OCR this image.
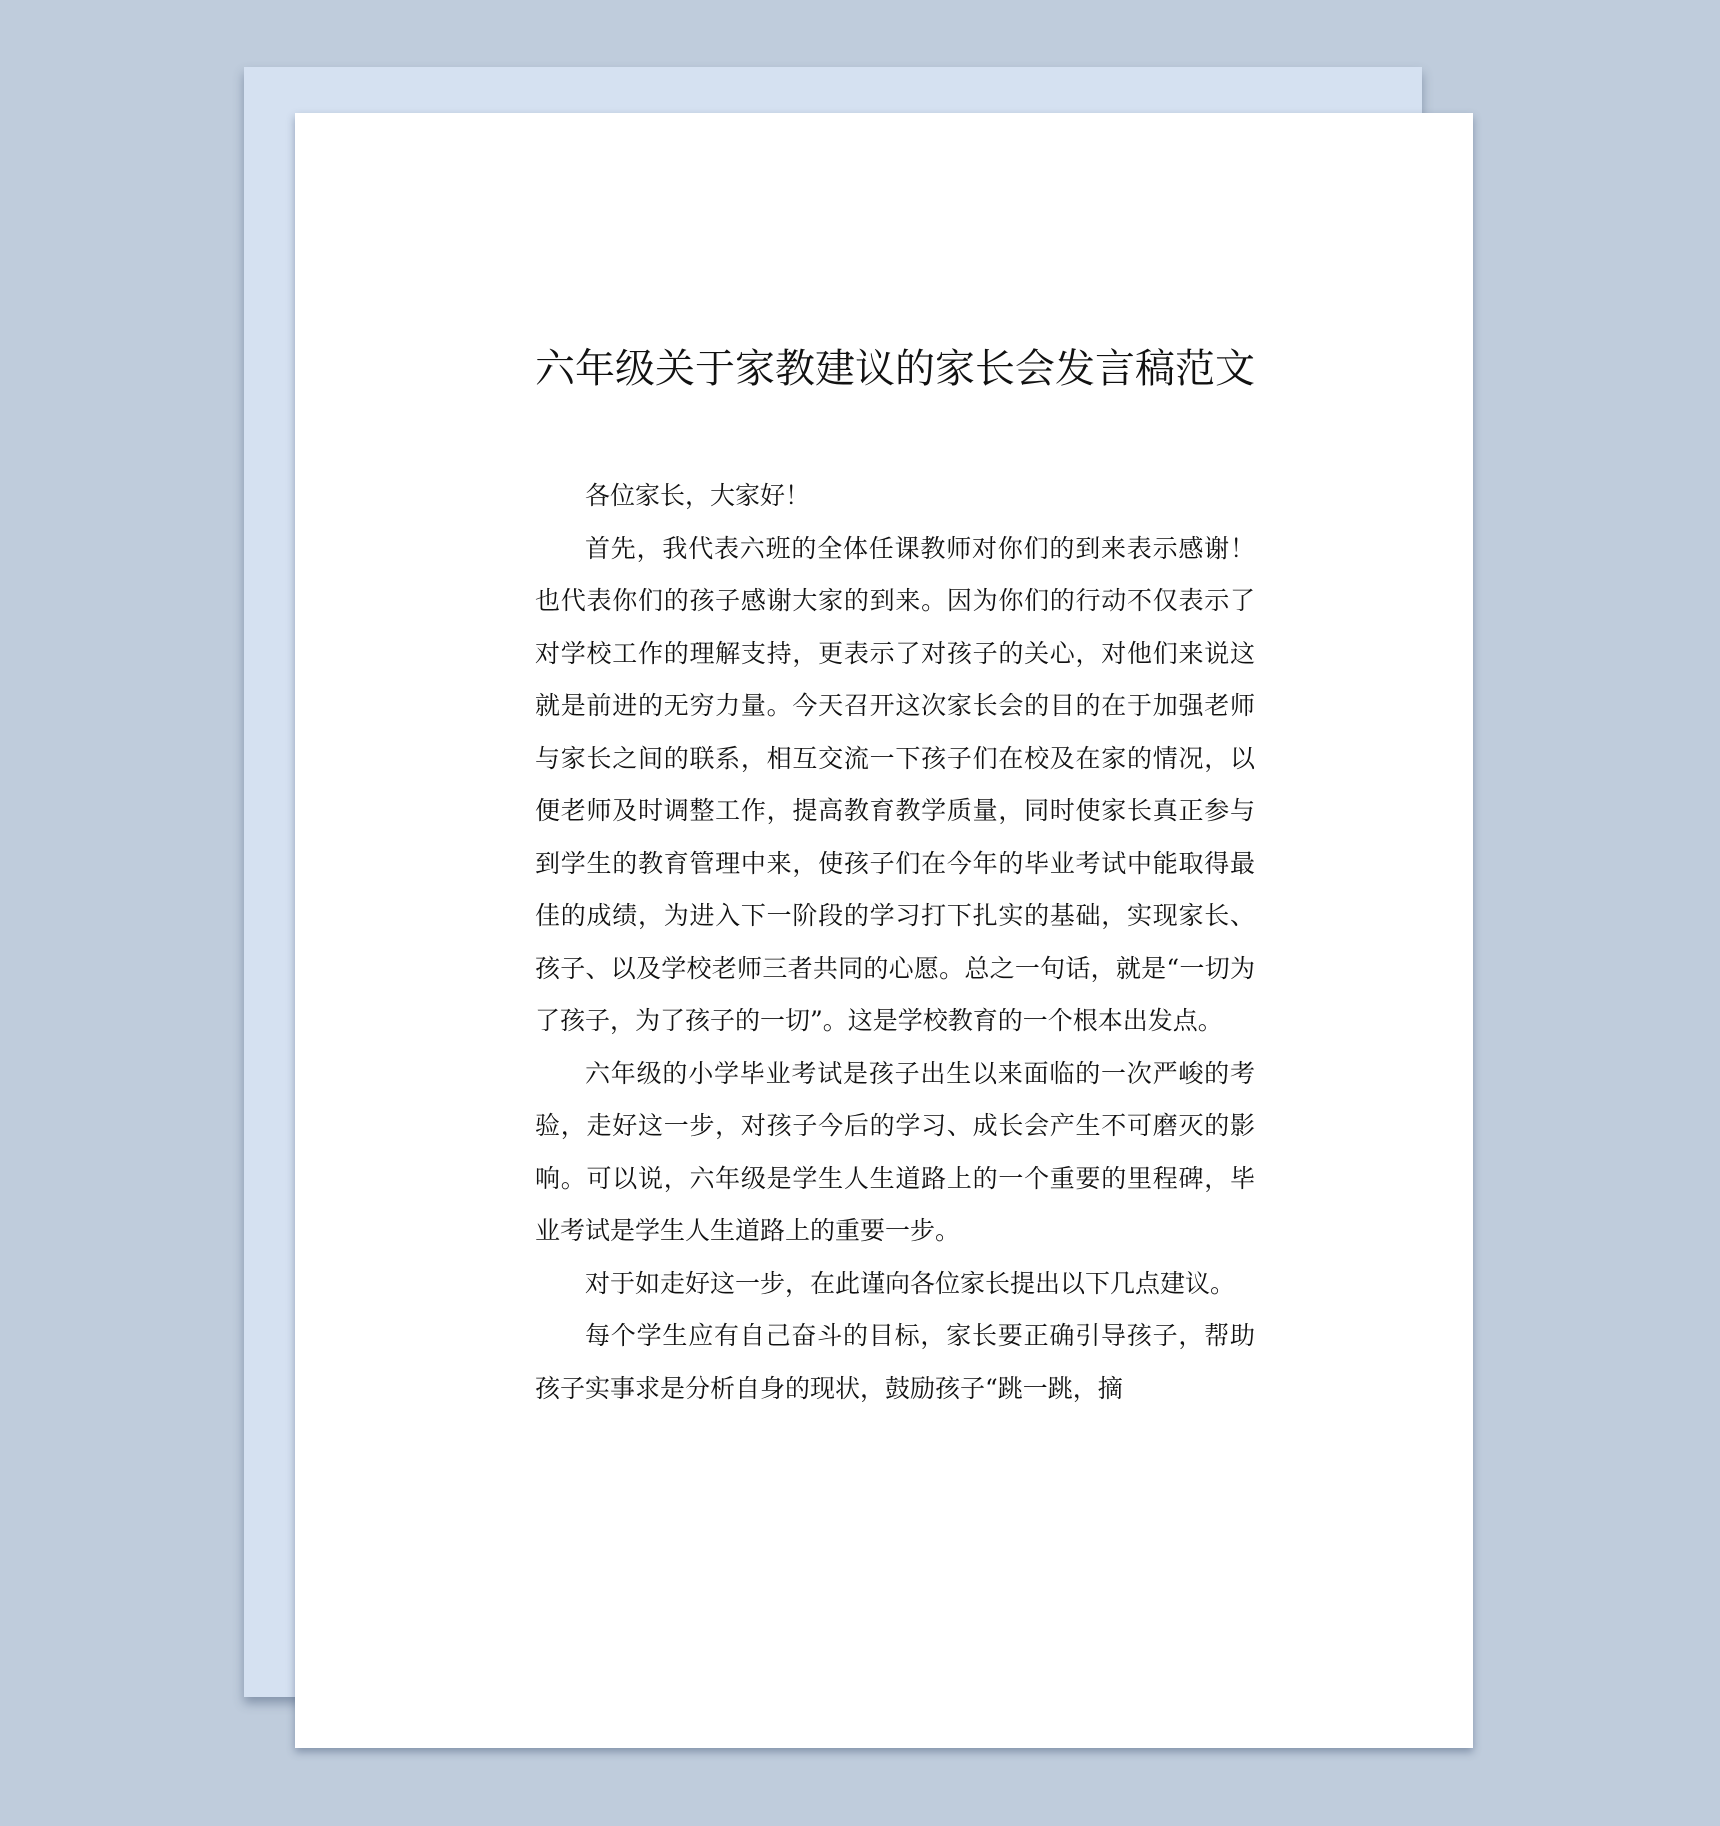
六年级关于家教建议的家长会发言稿范文

各位家长，大家好！

首先，我代表六班的全体任课教师对你们的到来表示感谢！也代表你们的孩子感谢大家的到来。因为你们的行动不仅表示了对学校工作的理解支持，更表示了对孩子的关心，对他们来说这就是前进的无穷力量。今天召开这次家长会的目的在于加强老师与家长之间的联系，相互交流一下孩子们在校及在家的情况，以便老师及时调整工作，提高教育教学质量，同时使家长真正参与到学生的教育管理中来，使孩子们在今年的毕业考试中能取得最佳的成绩，为进入下一阶段的学习打下扎实的基础，实现家长、孩子、以及学校老师三者共同的心愿。总之一句话，就是“一切为了孩子，为了孩子的一切”。这是学校教育的一个根本出发点。

六年级的小学毕业考试是孩子出生以来面临的一次严峻的考验，走好这一步，对孩子今后的学习、成长会产生不可磨灭的影响。可以说，六年级是学生人生道路上的一个重要的里程碑，毕业考试是学生人生道路上的重要一步。

对于如走好这一步，在此谨向各位家长提出以下几点建议。

每个学生应有自己奋斗的目标，家长要正确引导孩子，帮助孩子实事求是分析自身的现状，鼓励孩子“跳一跳，摘
